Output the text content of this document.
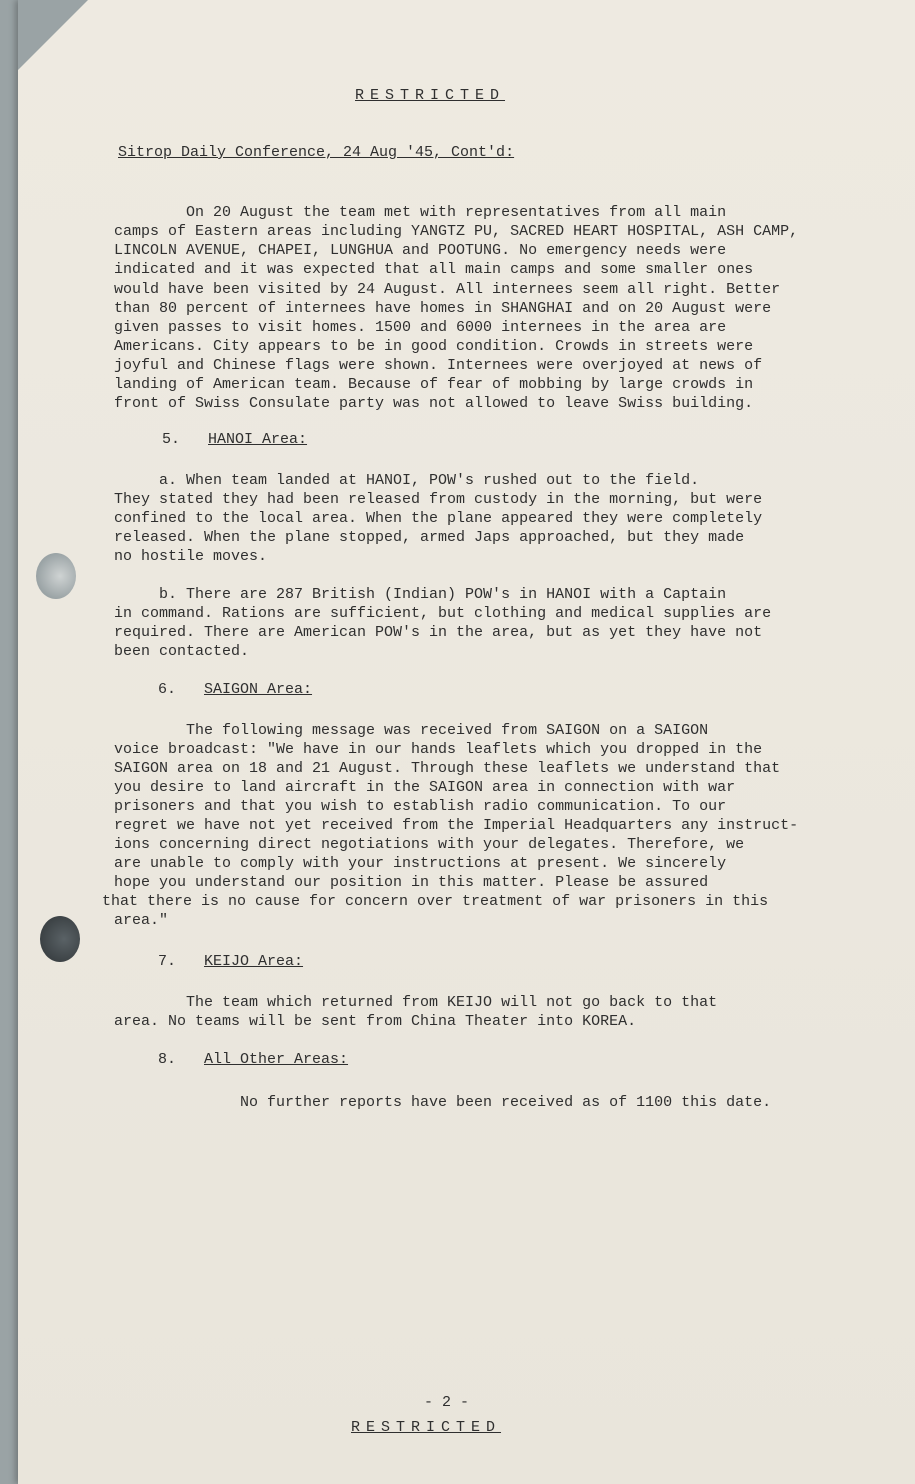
RESTRICTED
Sitrop Daily Conference, 24 Aug '45, Cont'd:
On 20 August the team met with representatives from all main
camps of Eastern areas including YANGTZ PU, SACRED HEART HOSPITAL, ASH CAMP,
LINCOLN AVENUE, CHAPEI, LUNGHUA and POOTUNG. No emergency needs were
indicated and it was expected that all main camps and some smaller ones
would have been visited by 24 August. All internees seem all right. Better
than 80 percent of internees have homes in SHANGHAI and on 20 August were
given passes to visit homes. 1500 and 6000 internees in the area are
Americans. City appears to be in good condition. Crowds in streets were
joyful and Chinese flags were shown. Internees were overjoyed at news of
landing of American team. Because of fear of mobbing by large crowds in
front of Swiss Consulate party was not allowed to leave Swiss building.
5. HANOI Area:
a. When team landed at HANOI, POW's rushed out to the field.
They stated they had been released from custody in the morning, but were
confined to the local area. When the plane appeared they were completely
released. When the plane stopped, armed Japs approached, but they made
no hostile moves.
b. There are 287 British (Indian) POW's in HANOI with a Captain
in command. Rations are sufficient, but clothing and medical supplies are
required. There are American POW's in the area, but as yet they have not
been contacted.
6. SAIGON Area:
The following message was received from SAIGON on a SAIGON
voice broadcast: "We have in our hands leaflets which you dropped in the
SAIGON area on 18 and 21 August. Through these leaflets we understand that
you desire to land aircraft in the SAIGON area in connection with war
prisoners and that you wish to establish radio communication. To our
regret we have not yet received from the Imperial Headquarters any instruct-
ions concerning direct negotiations with your delegates. Therefore, we
are unable to comply with your instructions at present. We sincerely
hope you understand our position in this matter. Please be assured
that there is no cause for concern over treatment of war prisoners in this
area."
7. KEIJO Area:
The team which returned from KEIJO will not go back to that
area. No teams will be sent from China Theater into KOREA.
8. All Other Areas:
No further reports have been received as of 1100 this date.
- 2 -
RESTRICTED
